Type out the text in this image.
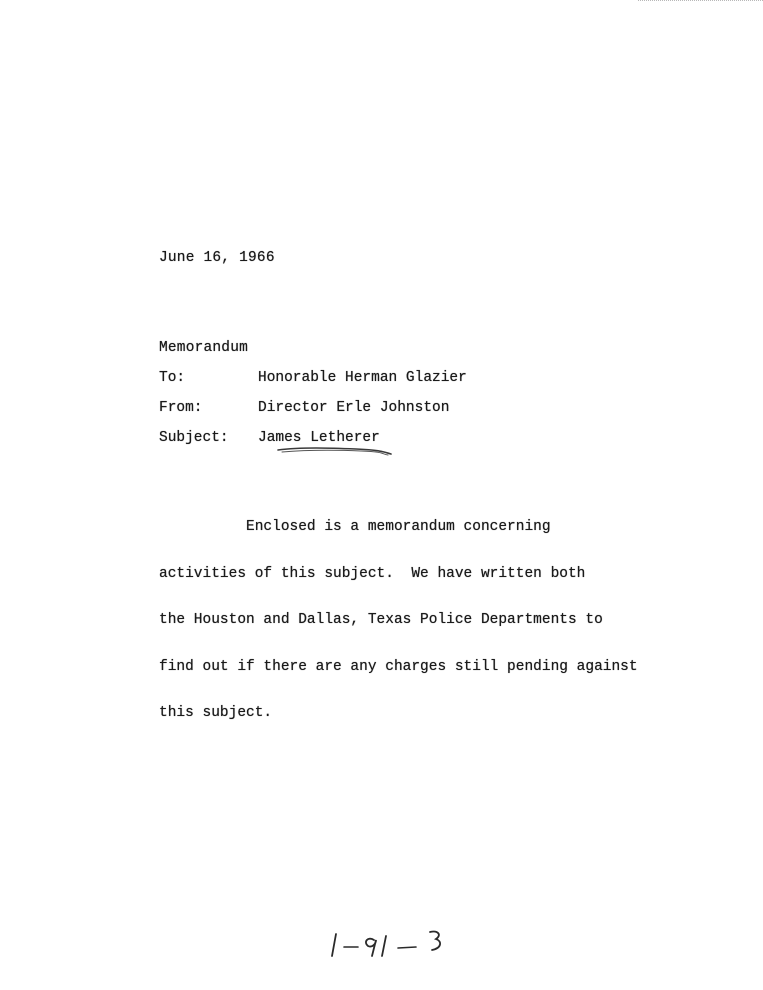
June 16, 1966
Memorandum
To:	Honorable Herman Glazier
From:	Director Erle Johnston
Subject: James Letherer

Enclosed is a memorandum concerning

activities of this subject.  We have written both

the Houston and Dallas, Texas Police Departments to

find out if there are any charges still pending against

this subject.
